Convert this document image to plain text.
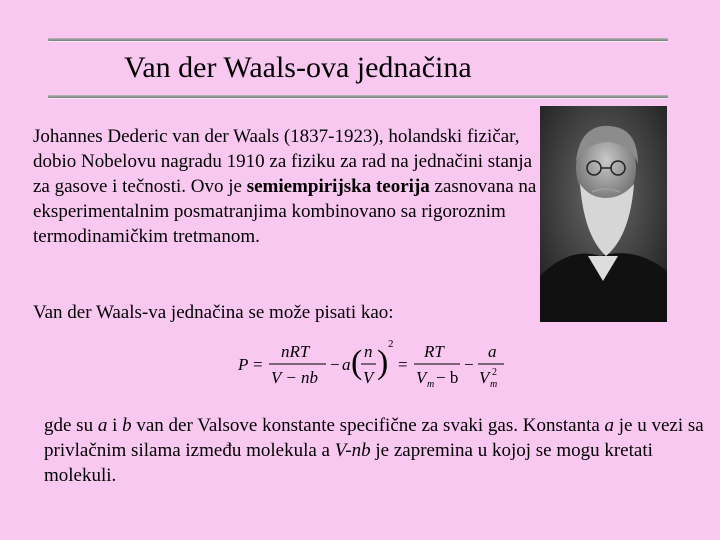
Van der Waals-ova jednačina
Johannes Dederic van der Waals (1837-1923), holandski fizičar, dobio Nobelovu nagradu 1910 za fiziku za rad na jednačini stanja za gasove i tečnosti. Ovo je semiempirijska teorija zasnovana na eksperimentalnim posmatranjima kombinovano sa rigoroznim termodinamičkim tretmanom.
Van der Waals-va jednačina se može pisati kao:
P =
nRT
V − nb
− a ( n
V ) 2
=
RT
V m − b
−
a
V m
2
gde su a i b van der Valsove konstante specifične za svaki gas. Konstanta a je u vezi sa privlačnim silama između molekula a V-nb je zapremina u kojoj se mogu kretati molekuli.
